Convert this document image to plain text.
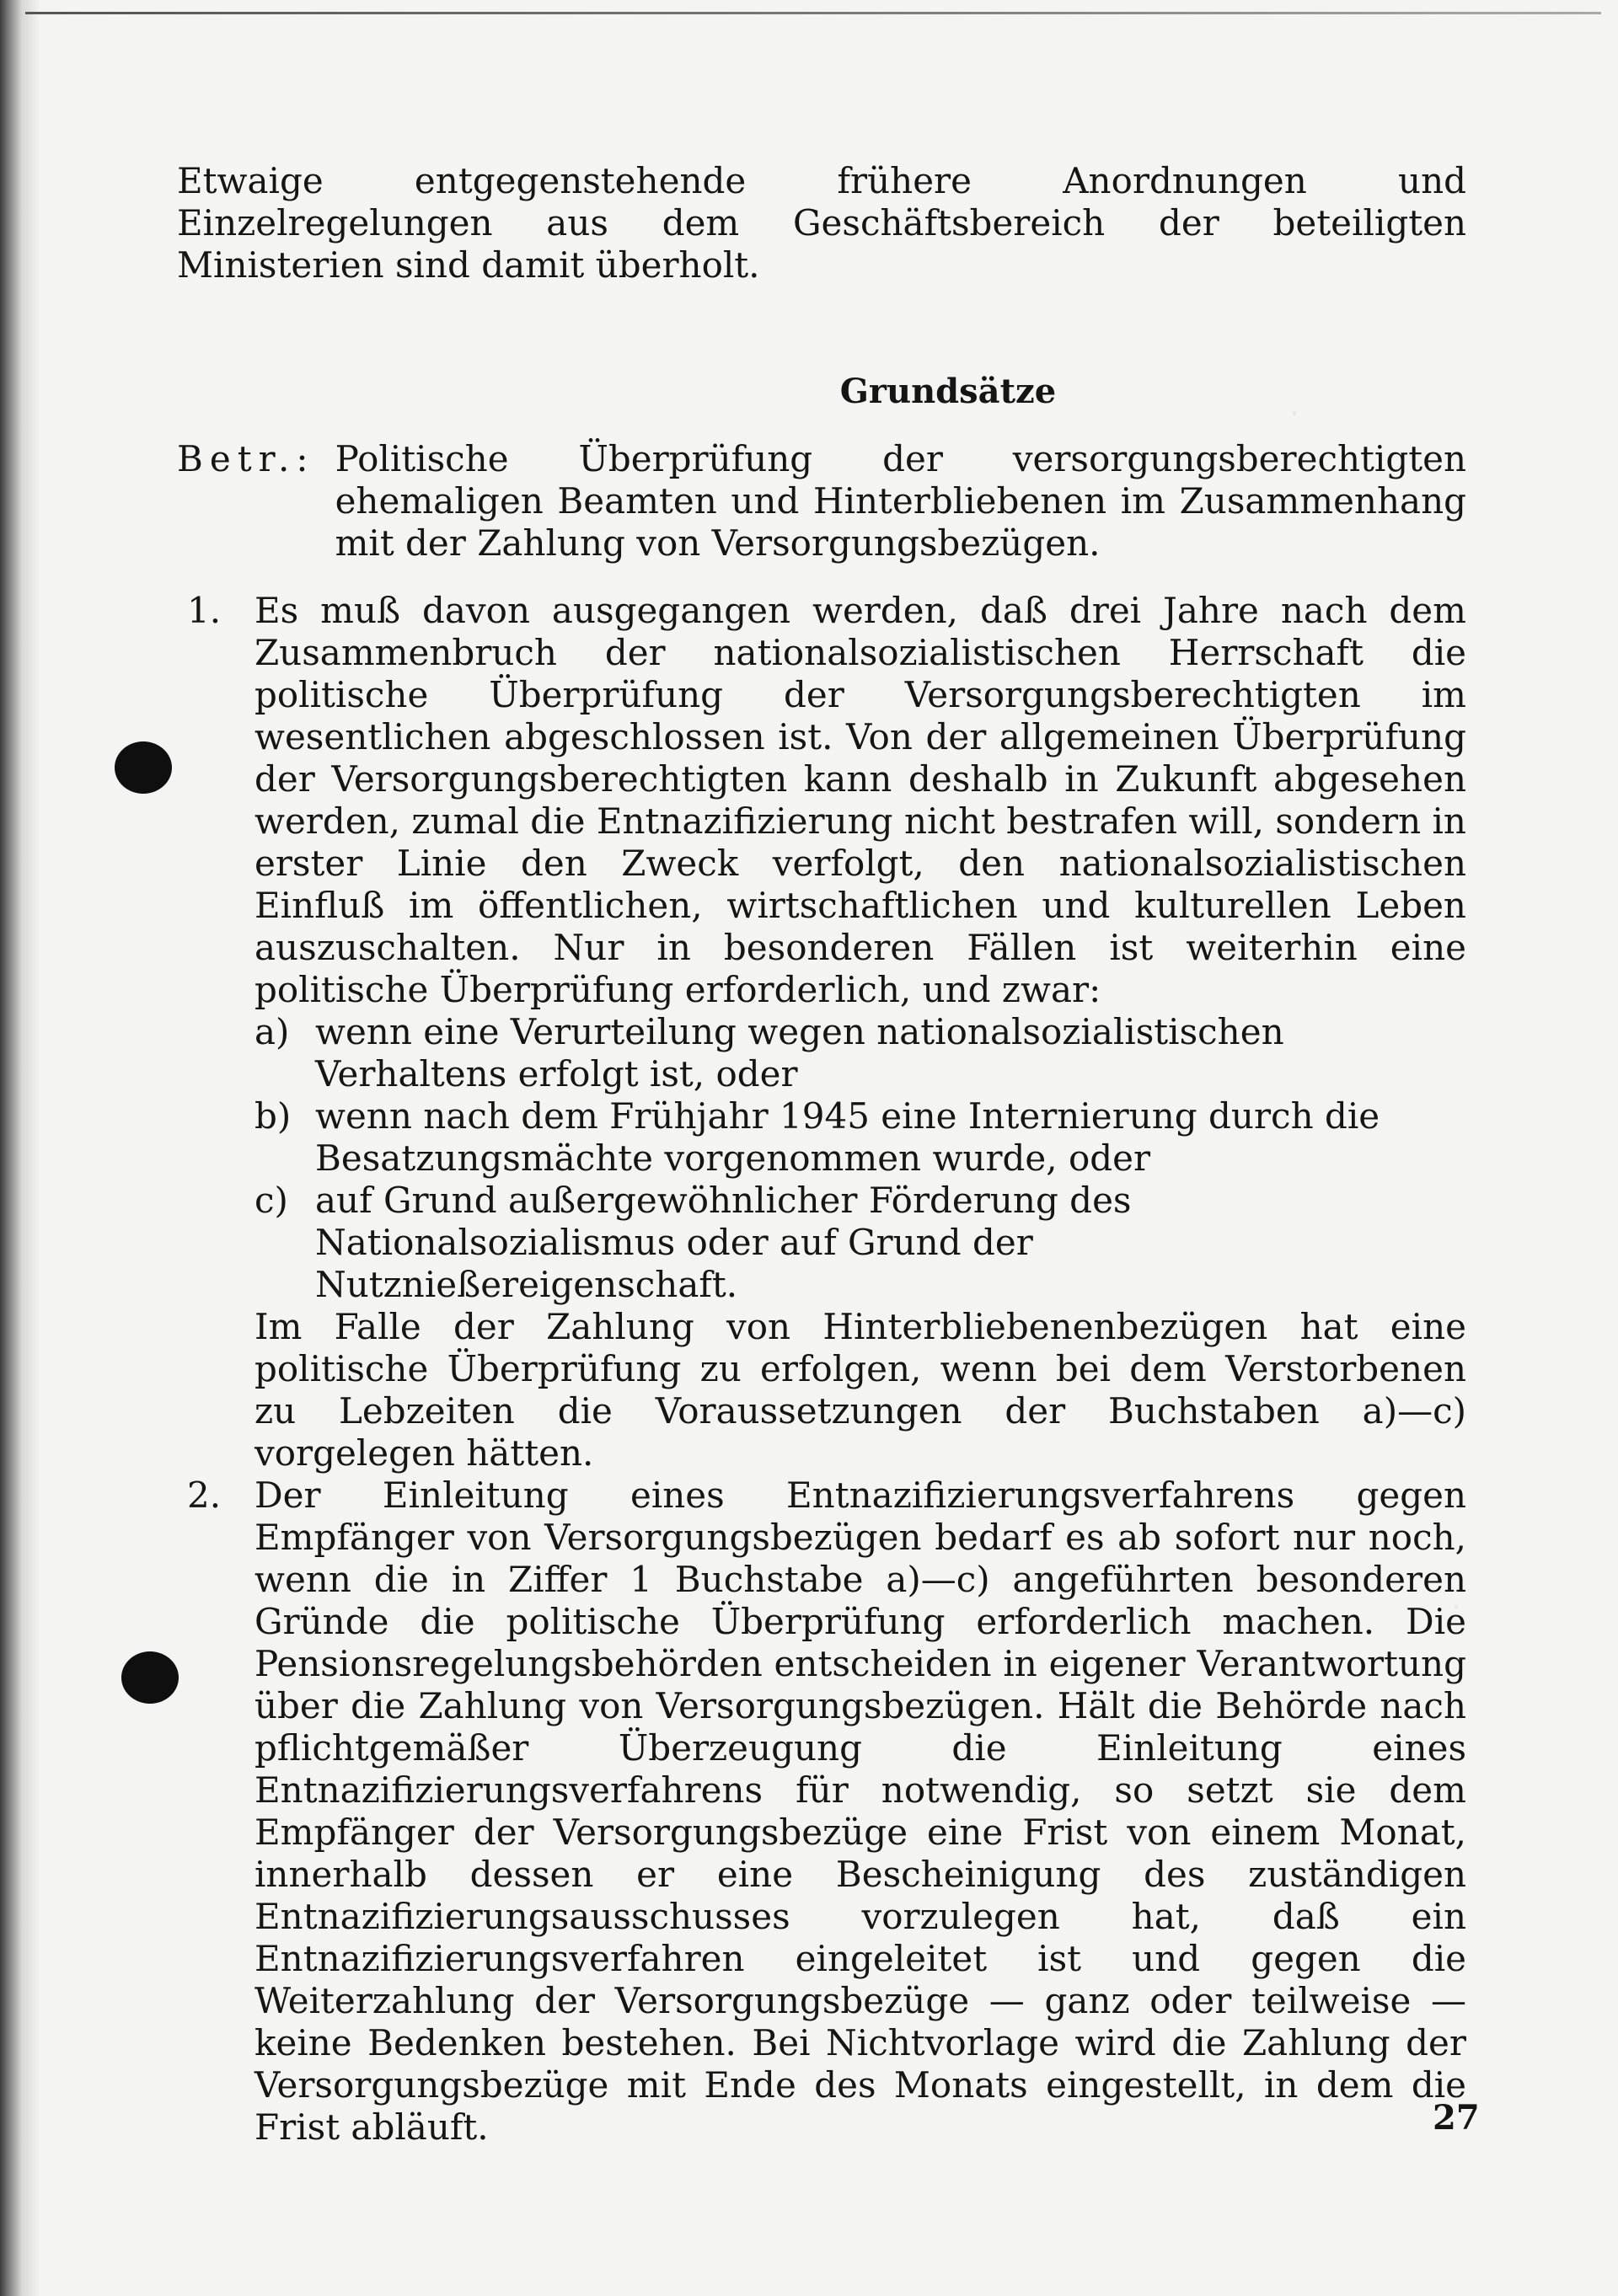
Etwaige entgegenstehende frühere Anordnungen und Einzelregelungen aus dem Geschäftsbereich der beteiligten Ministerien sind damit überholt.

Grundsätze
Betr.: Politische Überprüfung der versorgungsberechtigten ehemaligen Beamten und Hinterbliebenen im Zusammenhang mit der Zahlung von Versorgungsbezügen.
1. Es muß davon ausgegangen werden, daß drei Jahre nach dem Zusammenbruch der nationalsozialistischen Herrschaft die politische Überprüfung der Versorgungsberechtigten im wesentlichen abgeschlossen ist. Von der allgemeinen Überprüfung der Versorgungsberechtigten kann deshalb in Zukunft abgesehen werden, zumal die Entnazifizierung nicht bestrafen will, sondern in erster Linie den Zweck verfolgt, den nationalsozialistischen Einfluß im öffentlichen, wirtschaftlichen und kulturellen Leben auszuschalten. Nur in besonderen Fällen ist weiterhin eine politische Überprüfung erforderlich, und zwar:

a) wenn eine Verurteilung wegen nationalsozialistischen Verhaltens erfolgt ist, oder
b) wenn nach dem Frühjahr 1945 eine Internierung durch die Besatzungsmächte vorgenommen wurde, oder
c) auf Grund außergewöhnlicher Förderung des Nationalsozialismus oder auf Grund der Nutznießereigenschaft.

Im Falle der Zahlung von Hinterbliebenenbezügen hat eine politische Überprüfung zu erfolgen, wenn bei dem Verstorbenen zu Lebzeiten die Voraussetzungen der Buchstaben a)—c) vorgelegen hätten.

2. Der Einleitung eines Entnazifizierungsverfahrens gegen Empfänger von Versorgungsbezügen bedarf es ab sofort nur noch, wenn die in Ziffer 1 Buchstabe a)—c) angeführten besonderen Gründe die politische Überprüfung erforderlich machen. Die Pensionsregelungsbehörden entscheiden in eigener Verantwortung über die Zahlung von Versorgungsbezügen. Hält die Behörde nach pflichtgemäßer Überzeugung die Einleitung eines Entnazifizierungsverfahrens für notwendig, so setzt sie dem Empfänger der Versorgungsbezüge eine Frist von einem Monat, innerhalb dessen er eine Bescheinigung des zuständigen Entnazifizierungsausschusses vorzulegen hat, daß ein Entnazifizierungsverfahren eingeleitet ist und gegen die Weiterzahlung der Versorgungsbezüge — ganz oder teilweise — keine Bedenken bestehen. Bei Nichtvorlage wird die Zahlung der Versorgungsbezüge mit Ende des Monats eingestellt, in dem die Frist abläuft.	27
